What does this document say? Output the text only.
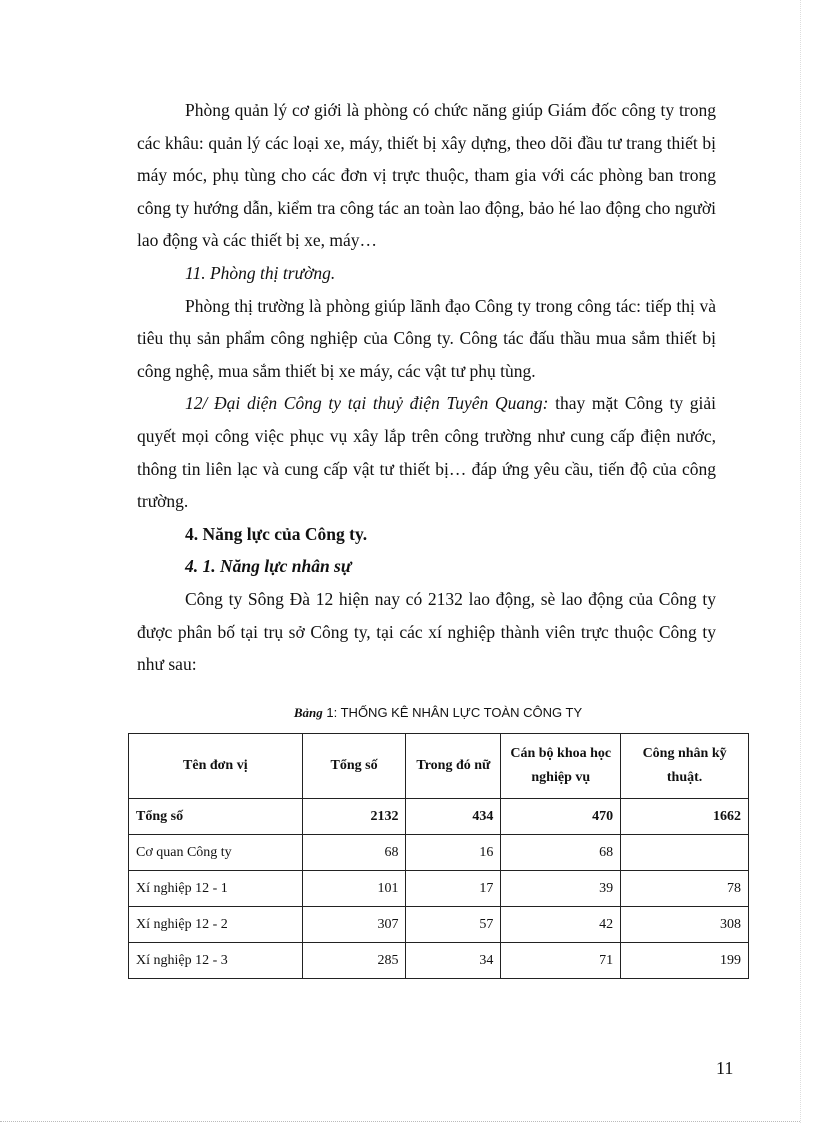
Phòng quản lý cơ giới là phòng có chức năng giúp Giám đốc công ty trong các khâu: quản lý các loại xe, máy, thiết bị xây dựng, theo dõi đầu tư trang thiết bị máy móc, phụ tùng cho các đơn vị trực thuộc, tham gia với các phòng ban trong công ty hướng dẫn, kiểm tra công tác an toàn lao động, bảo hé lao động cho người lao động và các thiết bị xe, máy…

11. Phòng thị trường.

Phòng thị trường là phòng giúp lãnh đạo Công ty trong công tác: tiếp thị và tiêu thụ sản phẩm công nghiệp của Công ty. Công tác đấu thầu mua sắm thiết bị công nghệ, mua sắm thiết bị xe máy, các vật tư phụ tùng.

12/ Đại diện Công ty tại thuỷ điện Tuyên Quang: thay mặt Công ty giải quyết mọi công việc phục vụ xây lắp trên công trường như cung cấp điện nước, thông tin liên lạc và cung cấp vật tư thiết bị… đáp ứng yêu cầu, tiến độ của công trường.

4. Năng lực của Công ty.

4. 1. Năng lực nhân sự

Công ty Sông Đà 12 hiện nay có 2132 lao động, sè lao động của Công ty được phân bố tại trụ sở Công ty, tại các xí nghiệp thành viên trực thuộc Công ty như sau:

Bảng 1: THỐNG KÊ NHÂN LỰC TOÀN CÔNG TY
Tên đơn vị	Tổng số	Trong đó nữ	Cán bộ khoa học nghiệp vụ	Công nhân kỹ thuật.
Tổng số	2132	434	470	1662
Cơ quan Công ty	68	16	68	
Xí nghiệp 12 - 1	101	17	39	78
Xí nghiệp 12 - 2	307	57	42	308
Xí nghiệp 12 - 3	285	34	71	199
11
